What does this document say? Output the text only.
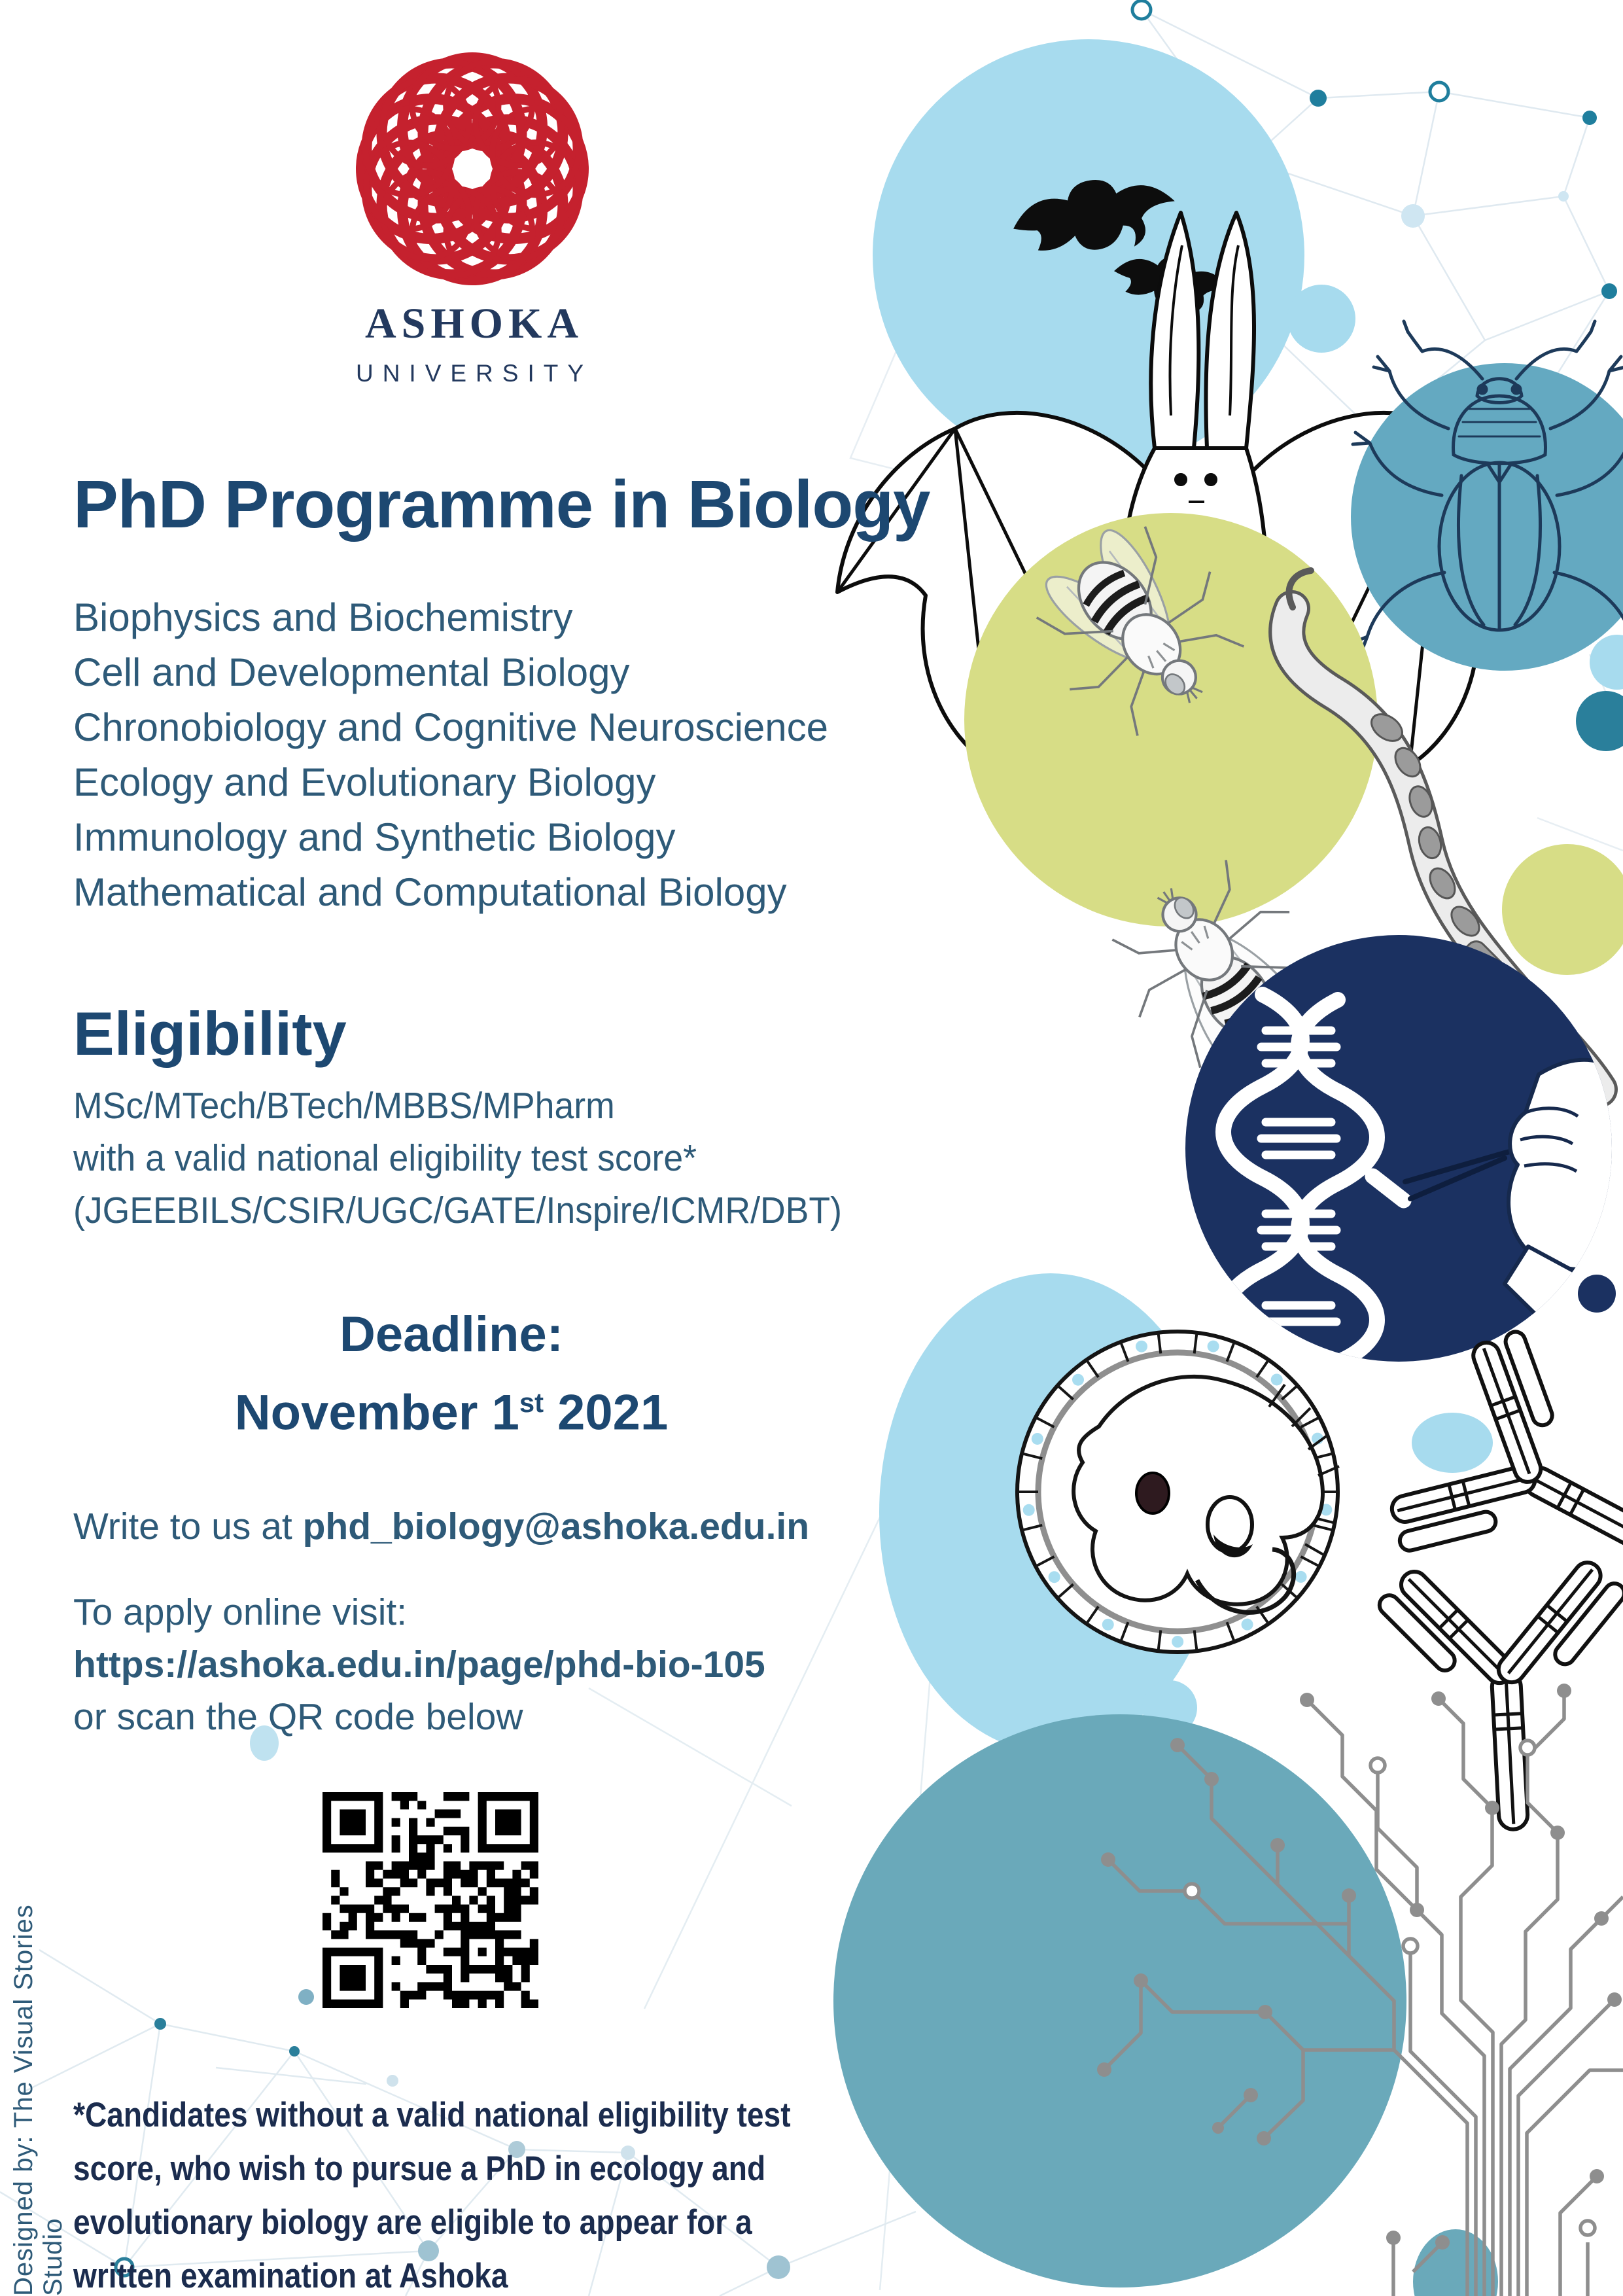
ashoka
UNIVERSITY
PhD Programme in Biology
Biophysics and Biochemistry
Cell and Developmental Biology
Chronobiology and Cognitive Neuroscience
Ecology and Evolutionary Biology
Immunology and Synthetic Biology
Mathematical and Computational Biology
Eligibility
MSc/MTech/BTech/MBBS/MPharm
with a valid national eligibility test score*
(JGEEBILS/CSIR/UGC/GATE/Inspire/ICMR/DBT)
Deadline:
November 1st 2021
Write to us at phd_biology@ashoka.edu.in
To apply online visit:
https://ashoka.edu.in/page/phd-bio-105
or scan the QR code below
*Candidates without a valid national eligibility test
score, who wish to pursue a PhD in ecology and
evolutionary biology are eligible to appear for a
written examination at Ashoka
Designed by: The Visual Stories Studio
